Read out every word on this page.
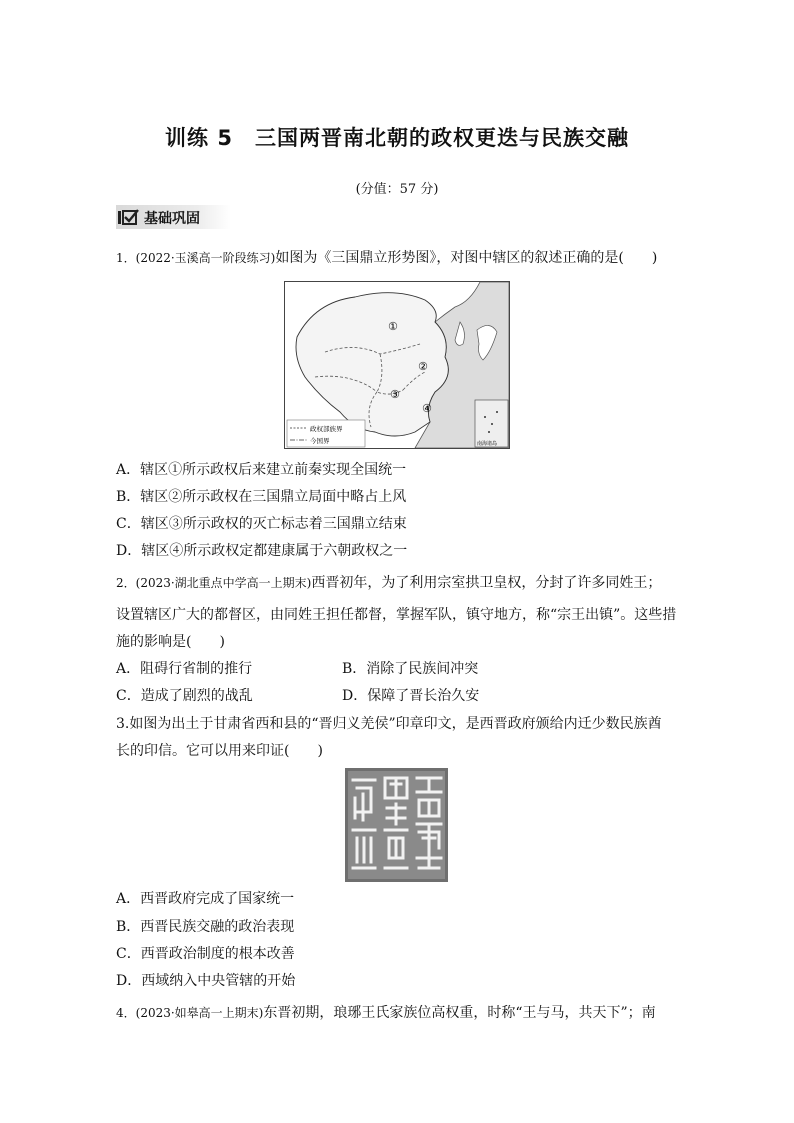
训练 5　三国两晋南北朝的政权更迭与民族交融
(分值：57 分)
基础巩固
1．(2022·玉溪高一阶段练习)如图为《三国鼎立形势图》，对图中辖区的叙述正确的是(　　)
①
②
③
④
政权部族界
今国界	南海诸岛
A．辖区①所示政权后来建立前秦实现全国统一
B．辖区②所示政权在三国鼎立局面中略占上风
C．辖区③所示政权的灭亡标志着三国鼎立结束
D．辖区④所示政权定都建康属于六朝政权之一
2．(2023·湖北重点中学高一上期末)西晋初年，为了利用宗室拱卫皇权，分封了许多同姓王；
设置辖区广大的都督区，由同姓王担任都督，掌握军队，镇守地方，称“宗王出镇”。这些措
施的影响是(　　)
A．阻碍行省制的推行	B．消除了民族间冲突
C．造成了剧烈的战乱	D．保障了晋长治久安
3.如图为出土于甘肃省西和县的“晋归义羌侯”印章印文，是西晋政府颁给内迁少数民族酋
长的印信。它可以用来印证(　　)
A．西晋政府完成了国家统一
B．西晋民族交融的政治表现
C．西晋政治制度的根本改善
D．西域纳入中央管辖的开始
4．(2023·如皋高一上期末)东晋初期，琅琊王氏家族位高权重，时称“王与马，共天下”；南
